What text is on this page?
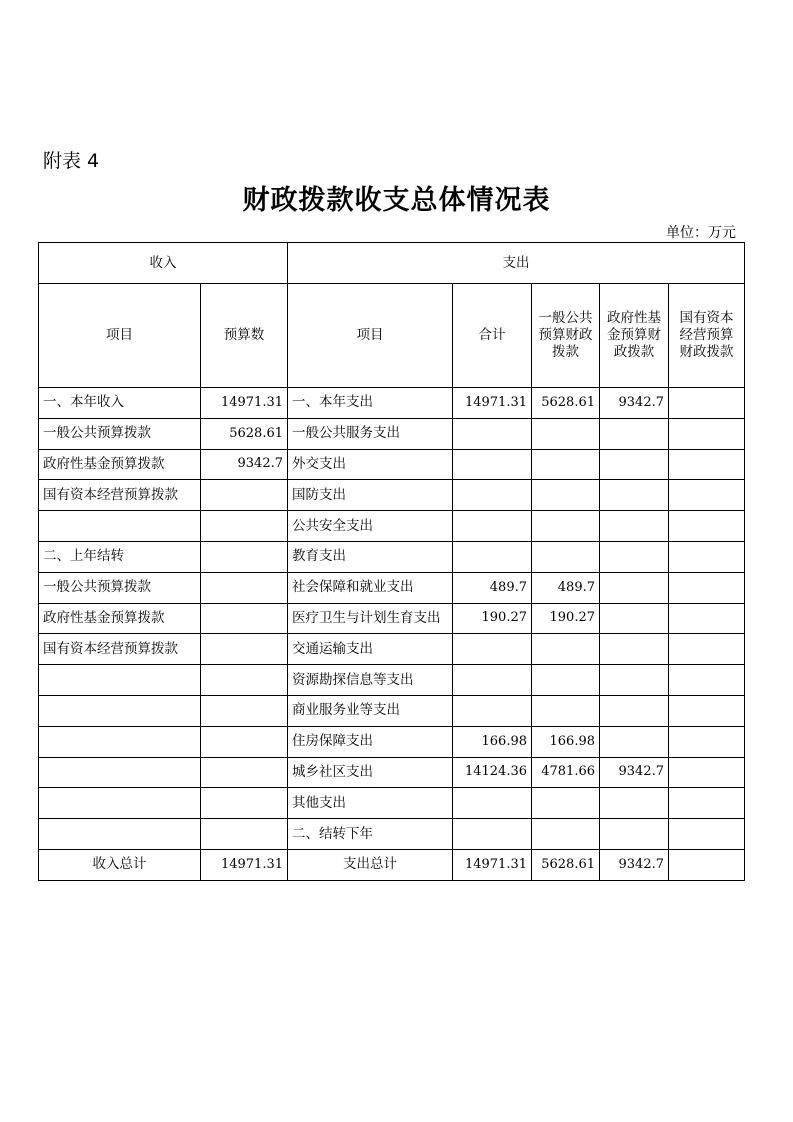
附表 4
财政拨款收支总体情况表
单位：万元
收入		支出				
项目	预算数	项目	合计	一般公共预算财政拨款	政府性基金预算财政拨款	国有资本经营预算财政拨款
一、本年收入	14971.31	一、本年支出	14971.31	5628.61	9342.7	
一般公共预算拨款	5628.61	一般公共服务支出				
政府性基金预算拨款	9342.7	外交支出				
国有资本经营预算拨款		国防支出				
		公共安全支出				
二、上年结转		教育支出				
一般公共预算拨款		社会保障和就业支出	489.7	489.7		
政府性基金预算拨款		医疗卫生与计划生育支出	190.27	190.27		
国有资本经营预算拨款		交通运输支出				
		资源勘探信息等支出				
		商业服务业等支出				
		住房保障支出	166.98	166.98		
		城乡社区支出	14124.36	4781.66	9342.7	
		其他支出				
		二、结转下年				
收入总计	14971.31	支出总计	14971.31	5628.61	9342.7	
